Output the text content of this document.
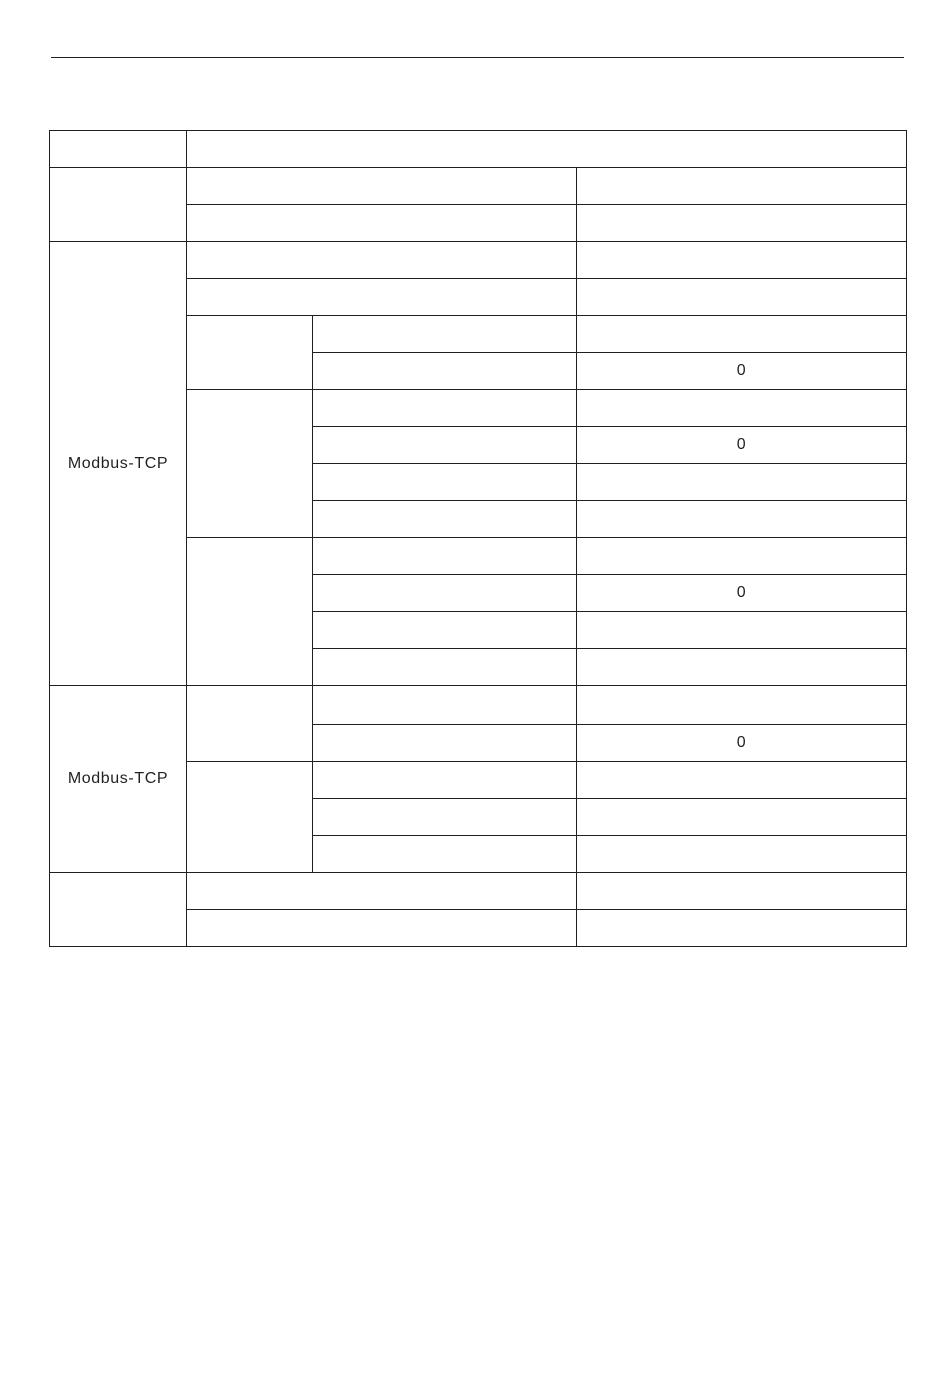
Modbus-TCP			

			0

			0

			0

Modbus-TCP			
			0
